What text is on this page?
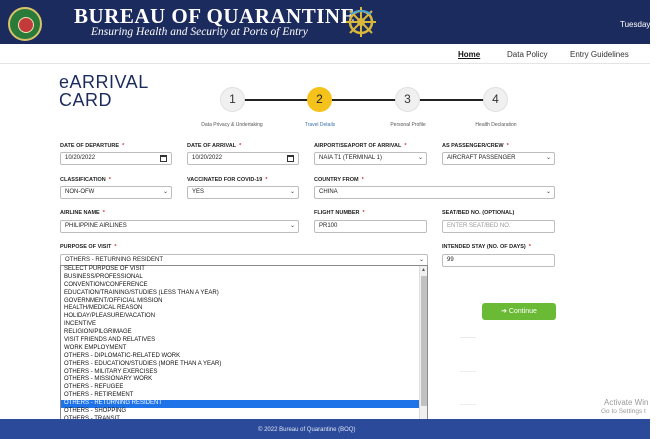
BUREAU OF QUARANTINE
Ensuring Health and Security at Ports of Entry
Tuesday, Oc
Home	Data Policy	Entry Guidelines
eARRIVAL
CARD	1	2	3	4
Data Privacy & Undertaking	Travel Details	Personal Profile	Health Declaration
DATE OF DEPARTURE *
10/20/2022
DATE OF ARRIVAL *
10/20/2022
AIRPORT/SEAPORT OF ARRIVAL *
NAIA T1 (TERMINAL 1)	⌄
AS PASSENGER/CREW *
AIRCRAFT PASSENGER	⌄
CLASSIFICATION *
NON-OFW	⌄
VACCINATED FOR COVID-19 *
YES	⌄
COUNTRY FROM *
CHINA	⌄
AIRLINE NAME *
PHILIPPINE AIRLINES	⌄
FLIGHT NUMBER *
PR100
SEAT/BED NO. (OPTIONAL)
ENTER SEAT/BED NO.
PURPOSE OF VISIT *
OTHERS - RETURNING RESIDENT	⌄
INTENDED STAY (NO. OF DAYS) *
99
➔ Continue
SELECT PURPOSE OF VISIT
BUSINESS/PROFESSIONAL
CONVENTION/CONFERENCE
EDUCATION/TRAINING/STUDIES (LESS THAN A YEAR)
GOVERNMENT/OFFICIAL MISSION
HEALTH/MEDICAL REASON
HOLIDAY/PLEASURE/VACATION
INCENTIVE
RELIGION/PILGRIMAGE
VISIT FRIENDS AND RELATIVES
WORK EMPLOYMENT
OTHERS - DIPLOMATIC-RELATED WORK
OTHERS - EDUCATION/STUDIES (MORE THAN A YEAR)
OTHERS - MILITARY EXERCISES
OTHERS - MISSIONARY WORK
OTHERS - REFUGEE
OTHERS - RETIREMENT
OTHERS - RETURNING RESIDENT
OTHERS - SHOPPING
▲
© 2022 Bureau of Quarantine (BOQ)
Activate Win
Go to Settings t
